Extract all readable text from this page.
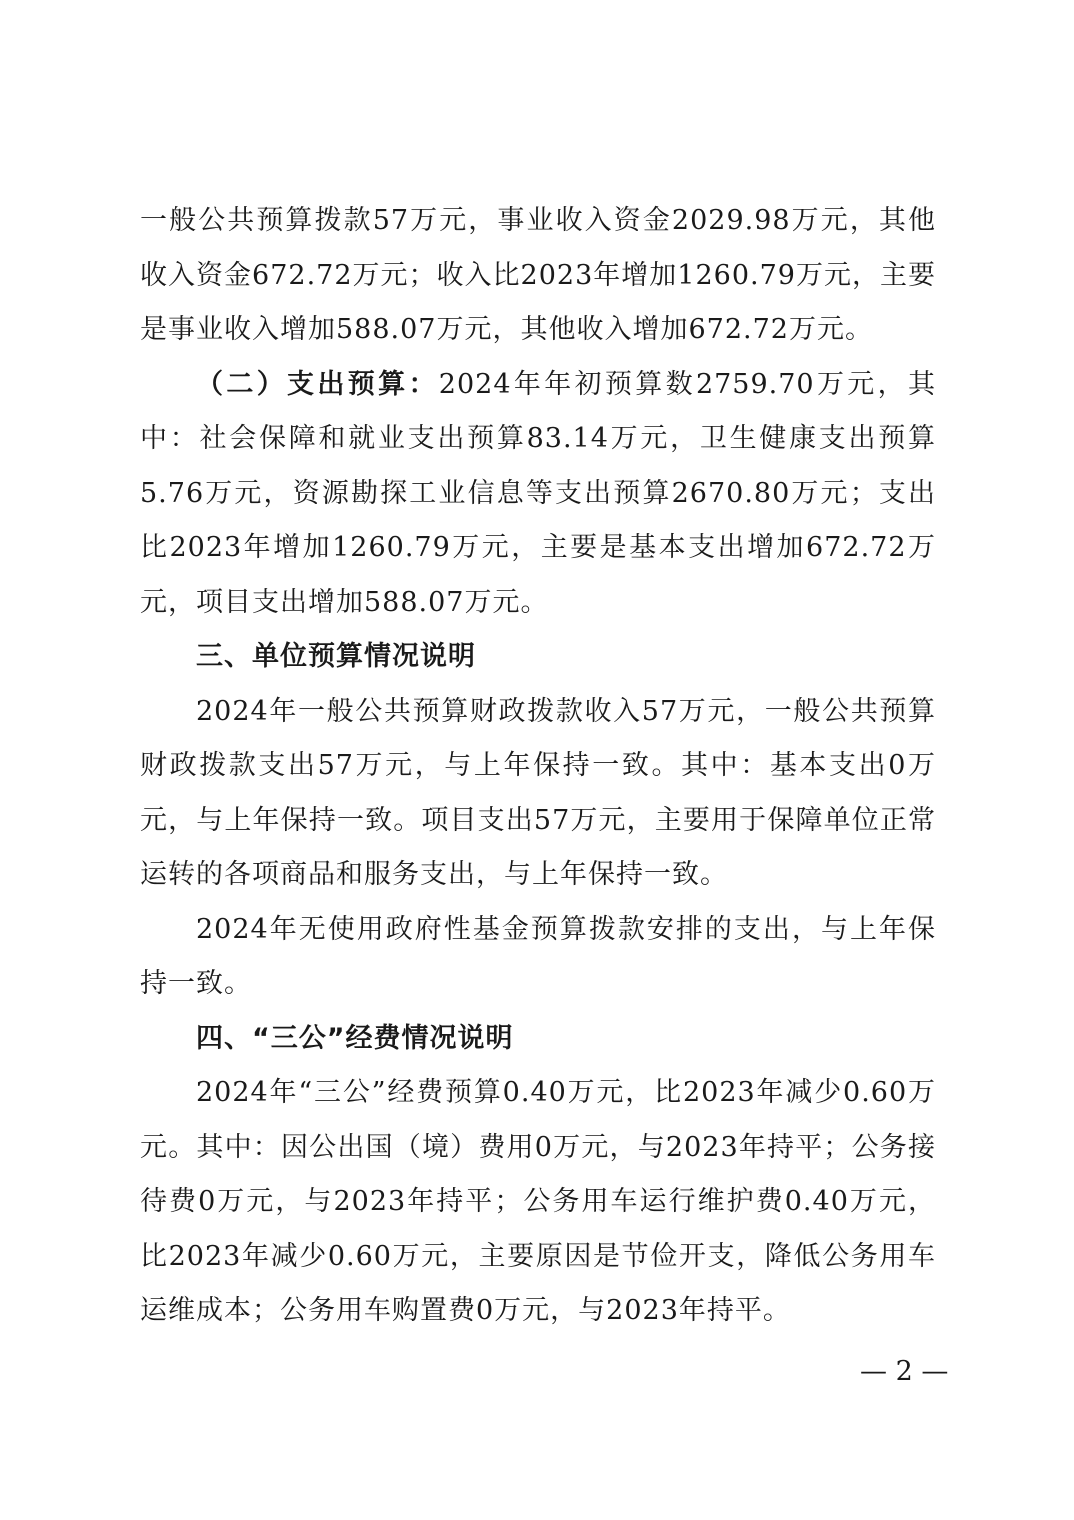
一般公共预算拨款57万元，事业收入资金2029.98万元，其他收入资金672.72万元；收入比2023年增加1260.79万元，主要是事业收入增加588.07万元，其他收入增加672.72万元。

（二）支出预算：2024年年初预算数2759.70万元，其中：社会保障和就业支出预算83.14万元，卫生健康支出预算5.76万元，资源勘探工业信息等支出预算2670.80万元；支出比2023年增加1260.79万元，主要是基本支出增加672.72万元，项目支出增加588.07万元。

三、单位预算情况说明

2024年一般公共预算财政拨款收入57万元，一般公共预算财政拨款支出57万元，与上年保持一致。其中：基本支出0万元，与上年保持一致。项目支出57万元，主要用于保障单位正常运转的各项商品和服务支出，与上年保持一致。

2024年无使用政府性基金预算拨款安排的支出，与上年保持一致。

四、“三公”经费情况说明

2024年“三公”经费预算0.40万元，比2023年减少0.60万元。其中：因公出国（境）费用0万元，与2023年持平；公务接待费0万元，与2023年持平；公务用车运行维护费0.40万元，比2023年减少0.60万元，主要原因是节俭开支，降低公务用车运维成本；公务用车购置费0万元，与2023年持平。

— 2 —
